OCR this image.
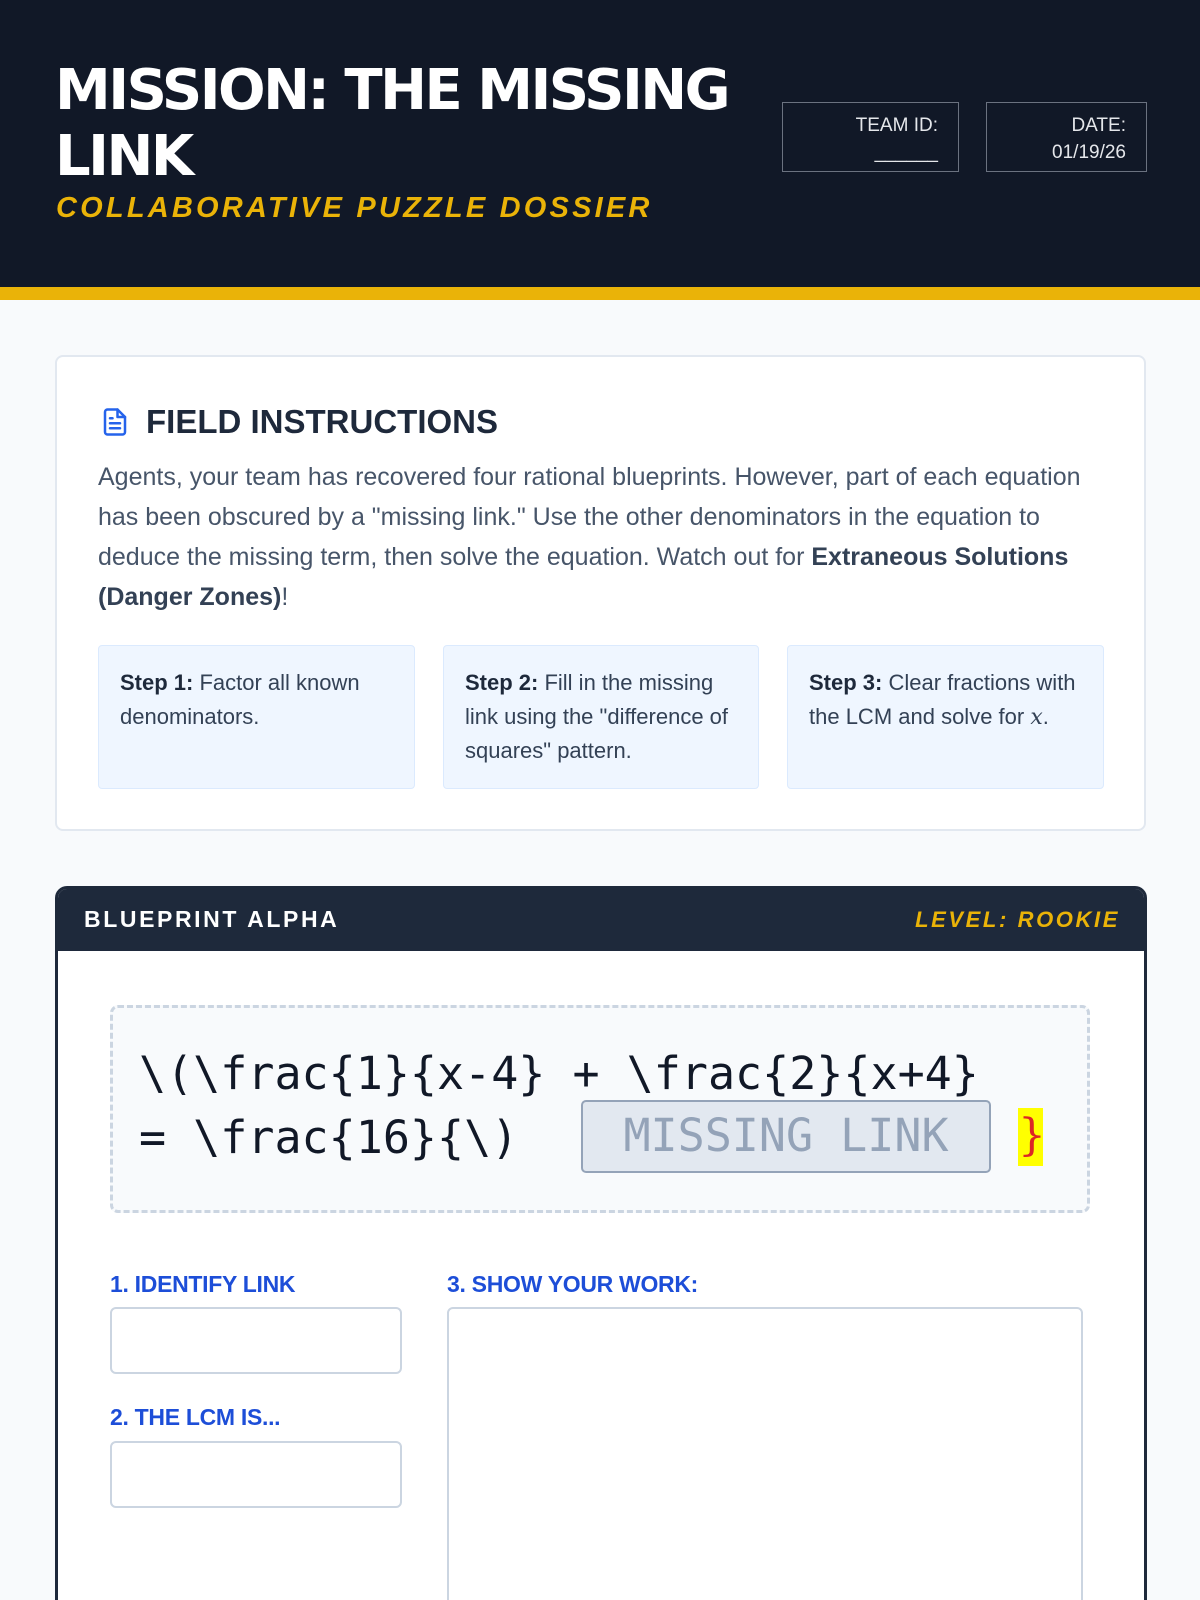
MISSION: THE MISSING LINK
COLLABORATIVE PUZZLE DOSSIER
TEAM ID:
______
DATE:
01/19/26
FIELD INSTRUCTIONS

Agents, your team has recovered four rational blueprints. However, part of each equation has been obscured by a "missing link." Use the other denominators in the equation to deduce the missing term, then solve the equation. Watch out for Extraneous Solutions (Danger Zones)!

Step 1: Factor all known denominators.
Step 2: Fill in the missing link using the "difference of squares" pattern.
Step 3: Clear fractions with the LCM and solve for x.
BLUEPRINT ALPHA	LEVEL: ROOKIE
\(\frac{1}{x-4} + \frac{2}{x+4}
= \frac{16}{\)	MISSING LINK	}
1. IDENTIFY LINK
2. THE LCM IS...
3. SHOW YOUR WORK:
